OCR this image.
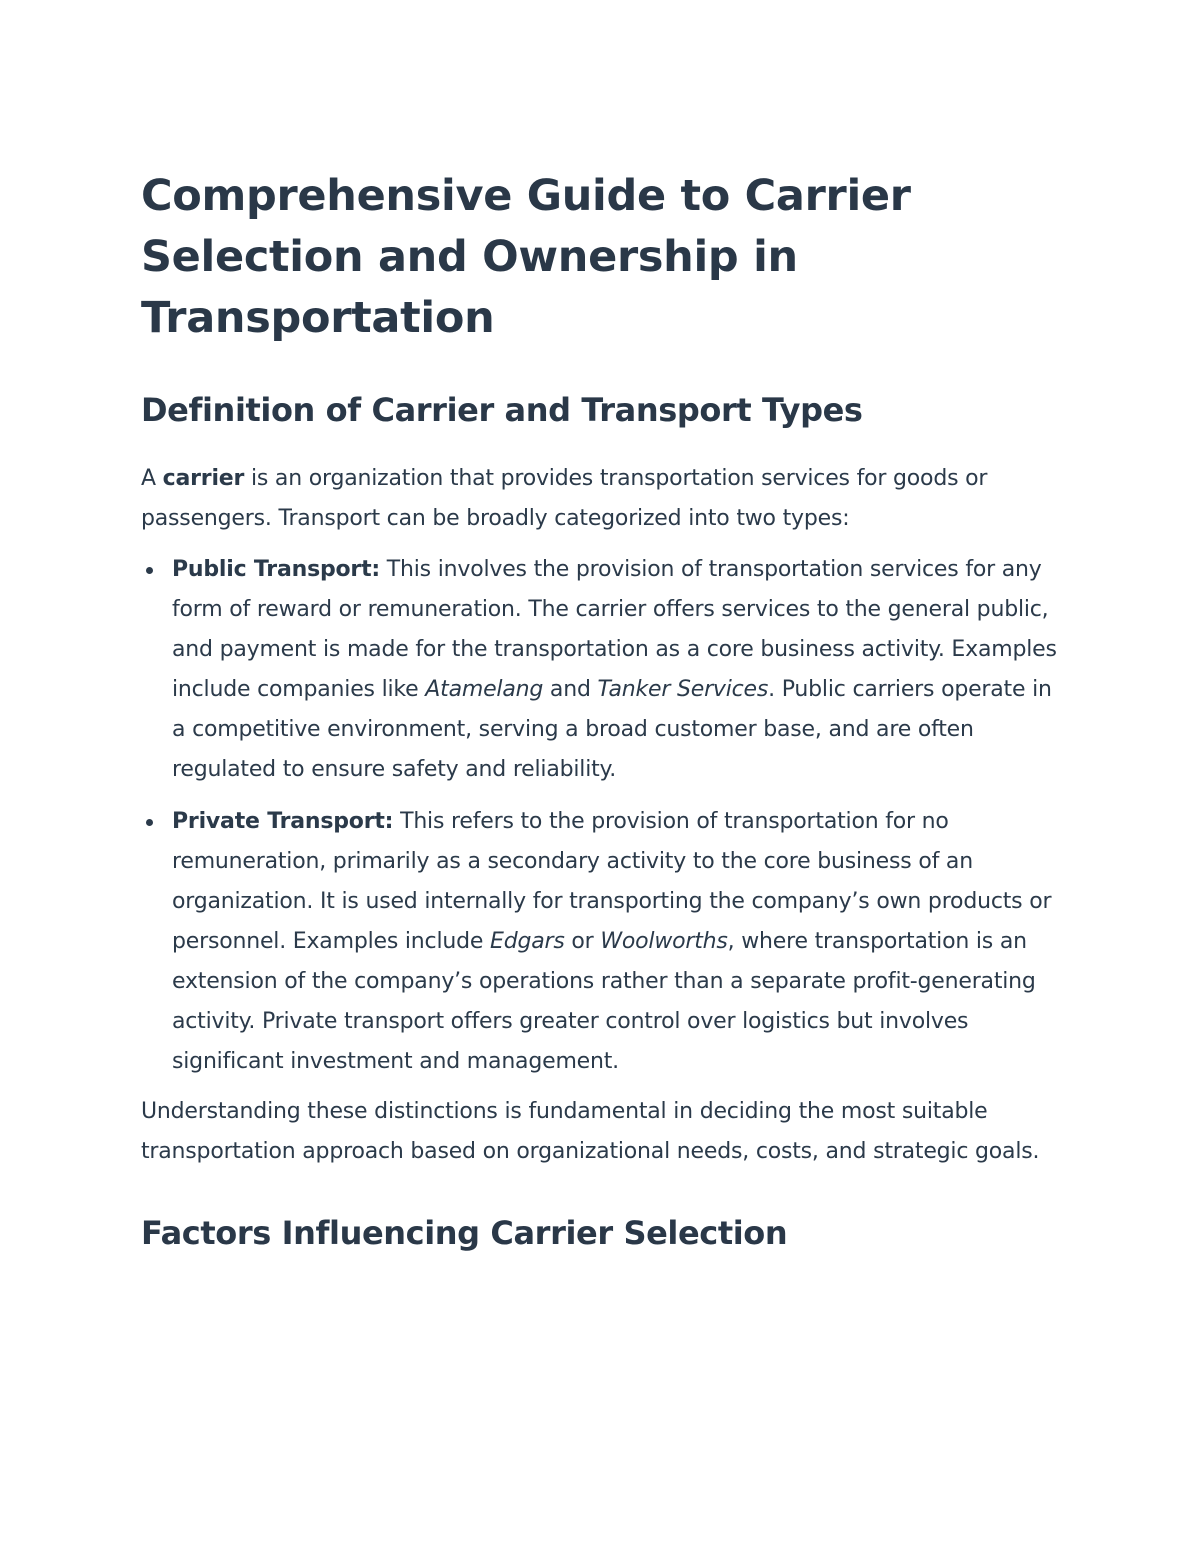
Comprehensive Guide to Carrier Selection and Ownership in Transportation
Definition of Carrier and Transport Types

A carrier is an organization that provides transportation services for goods or passengers. Transport can be broadly categorized into two types:

Public Transport: This involves the provision of transportation services for any form of reward or remuneration. The carrier offers services to the general public, and payment is made for the transportation as a core business activity. Examples include companies like Atamelang and Tanker Services. Public carriers operate in a competitive environment, serving a broad customer base, and are often regulated to ensure safety and reliability.
Private Transport: This refers to the provision of transportation for no remuneration, primarily as a secondary activity to the core business of an organization. It is used internally for transporting the company’s own products or personnel. Examples include Edgars or Woolworths, where transportation is an extension of the company’s operations rather than a separate profit-generating activity. Private transport offers greater control over logistics but involves significant investment and management.

Understanding these distinctions is fundamental in deciding the most suitable transportation approach based on organizational needs, costs, and strategic goals.

Factors Influencing Carrier Selection
